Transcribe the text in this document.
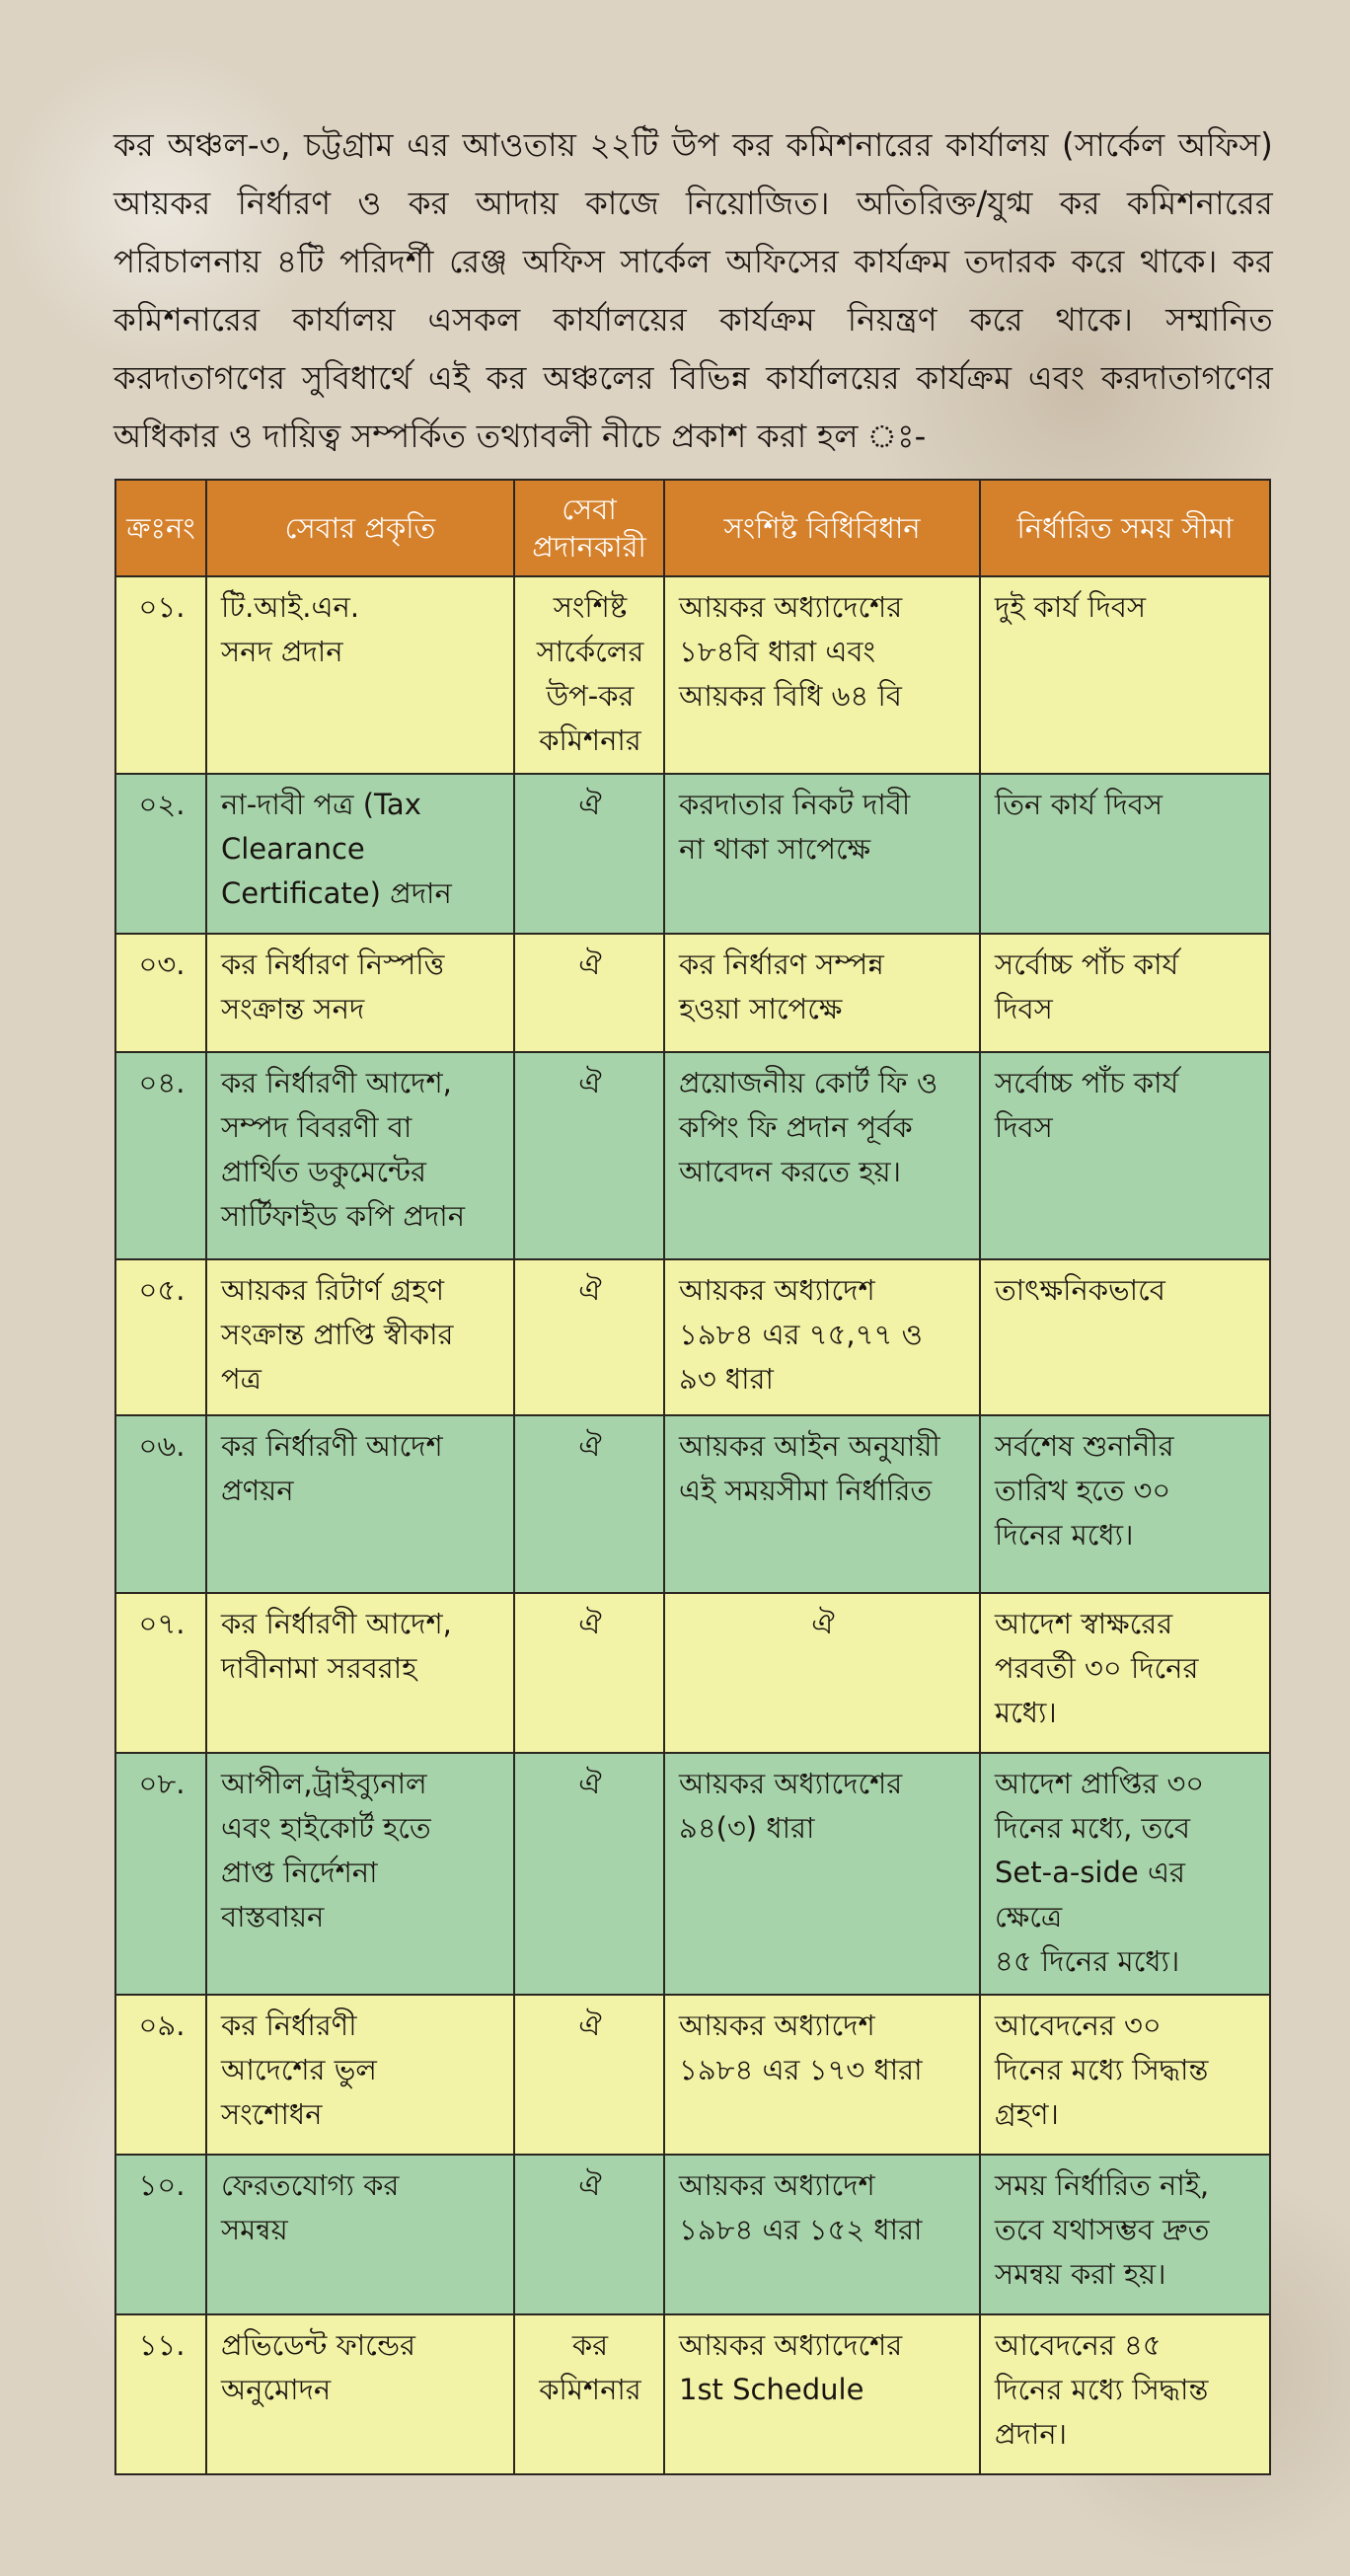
কর অঞ্চল-৩, চট্টগ্রাম এর আওতায় ২২টি উপ কর কমিশনারের কার্যালয় (সার্কেল অফিস) আয়কর নির্ধারণ ও কর আদায় কাজে নিয়োজিত। অতিরিক্ত/যুগ্ম কর কমিশনারের পরিচালনায় ৪টি পরিদর্শী রেঞ্জ অফিস সার্কেল অফিসের কার্যক্রম তদারক করে থাকে। কর কমিশনারের কার্যালয় এসকল কার্যালয়ের কার্যক্রম নিয়ন্ত্রণ করে থাকে। সম্মানিত করদাতাগণের সুবিধার্থে এই কর অঞ্চলের বিভিন্ন কার্যালয়ের কার্যক্রম এবং করদাতাগণের অধিকার ও দায়িত্ব সম্পর্কিত তথ্যাবলী নীচে প্রকাশ করা হল ঃ-
ক্রঃনং	সেবার প্রকৃতি	সেবা প্রদানকারী	সংশিষ্ট বিধিবিধান	নির্ধারিত সময় সীমা
০১.	টি.আই.এন.
সনদ প্রদান	সংশিষ্ট
সার্কেলের
উপ-কর
কমিশনার	আয়কর অধ্যাদেশের
১৮৪বি ধারা এবং
আয়কর বিধি ৬৪ বি	দুই কার্য দিবস
০২.	না-দাবী পত্র (Tax
Clearance
Certificate) প্রদান	ঐ	করদাতার নিকট দাবী
না থাকা সাপেক্ষে	তিন কার্য দিবস
০৩.	কর নির্ধারণ নিস্পত্তি
সংক্রান্ত সনদ	ঐ	কর নির্ধারণ সম্পন্ন
হওয়া সাপেক্ষে	সর্বোচ্চ পাঁচ কার্য
দিবস
০৪.	কর নির্ধারণী আদেশ,
সম্পদ বিবরণী বা
প্রার্থিত ডকুমেন্টের
সার্টিফাইড কপি প্রদান	ঐ	প্রয়োজনীয় কোর্ট ফি ও
কপিং ফি প্রদান পূর্বক
আবেদন করতে হয়।	সর্বোচ্চ পাঁচ কার্য
দিবস
০৫.	আয়কর রিটার্ণ গ্রহণ
সংক্রান্ত প্রাপ্তি স্বীকার
পত্র	ঐ	আয়কর অধ্যাদেশ
১৯৮৪ এর ৭৫,৭৭ ও
৯৩ ধারা	তাৎক্ষনিকভাবে
০৬.	কর নির্ধারণী আদেশ
প্রণয়ন	ঐ	আয়কর আইন অনুযায়ী
এই সময়সীমা নির্ধারিত	সর্বশেষ শুনানীর
তারিখ হতে ৩০
দিনের মধ্যে।
০৭.	কর নির্ধারণী আদেশ,
দাবীনামা সরবরাহ	ঐ	ঐ	আদেশ স্বাক্ষরের
পরবর্তী ৩০ দিনের
মধ্যে।
০৮.	আপীল,ট্রাইব্যুনাল
এবং হাইকোর্ট হতে
প্রাপ্ত নির্দেশনা
বাস্তবায়ন	ঐ	আয়কর অধ্যাদেশের
৯৪(৩) ধারা	আদেশ প্রাপ্তির ৩০
দিনের মধ্যে, তবে
Set-a-side এর ক্ষেত্রে
৪৫ দিনের মধ্যে।
০৯.	কর নির্ধারণী
আদেশের ভুল
সংশোধন	ঐ	আয়কর অধ্যাদেশ
১৯৮৪ এর ১৭৩ ধারা	আবেদনের ৩০
দিনের মধ্যে সিদ্ধান্ত
গ্রহণ।
১০.	ফেরতযোগ্য কর
সমন্বয়	ঐ	আয়কর অধ্যাদেশ
১৯৮৪ এর ১৫২ ধারা	সময় নির্ধারিত নাই,
তবে যথাসম্ভব দ্রুত
সমন্বয় করা হয়।
১১.	প্রভিডেন্ট ফান্ডের
অনুমোদন	কর
কমিশনার	আয়কর অধ্যাদেশের
1st Schedule	আবেদনের ৪৫
দিনের মধ্যে সিদ্ধান্ত
প্রদান।
